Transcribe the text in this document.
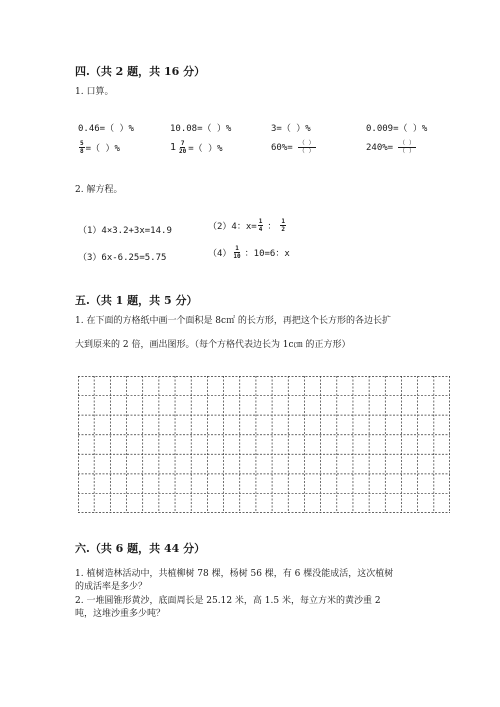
四.（共 2 题，共 16 分）
1. 口算。
0.46=（ ）%	10.08=（ ）%	3=（ ）%	0.009=（ ）%
$\frac{5}{8}$ =（ ）%	$1 \frac{7}{20}$ =（ ）%	$60\%= \frac{( )}{( )}$	$240\%= \frac{( )}{( )}$
2. 解方程。
（1）4×3.2+3x=14.9	（2）4：$x= \frac{1}{4}$ ： $\frac{1}{2}$
（3）6x-6.25=5.75	$(4) \frac{1}{10}$ ：10=6：x
五.（共 1 题，共 5 分）
1. 在下面的方格纸中画一个面积是 8c㎡ 的长方形，再把这个长方形的各边长扩
大到原来的 2 倍，画出图形。（每个方格代表边长为 1c㎝ 的正方形）
六.（共 6 题，共 44 分）
1. 植树造林活动中，共植柳树 78 棵，杨树 56 棵，有 6 棵没能成活，这次植树
的成活率是多少？
2. 一堆圆锥形黄沙，底面周长是 25.12 米，高 1.5 米，每立方米的黄沙重 2
吨，这堆沙重多少吨？
